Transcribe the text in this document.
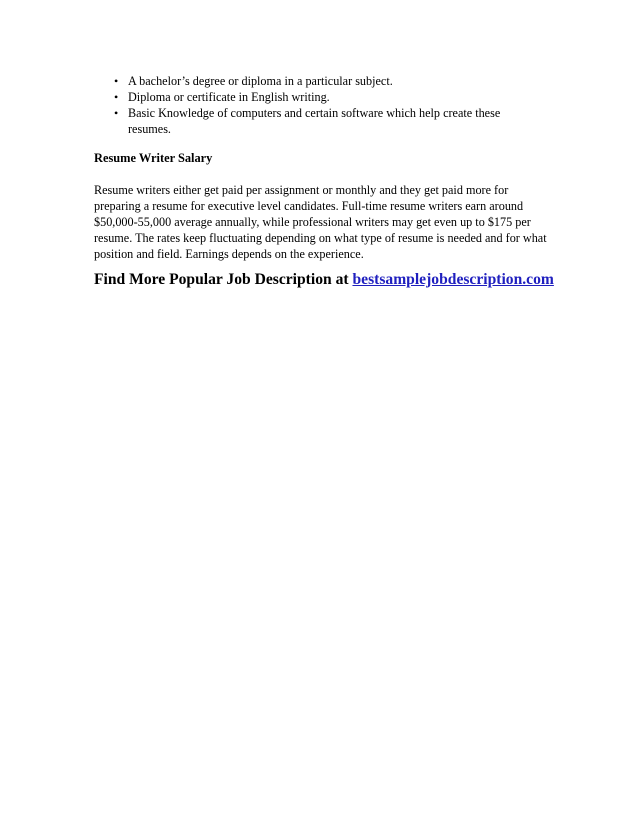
• A bachelor’s degree or diploma in a particular subject.
• Diploma or certificate in English writing.
• Basic Knowledge of computers and certain software which help create these resumes.

Resume Writer Salary

Resume writers either get paid per assignment or monthly and they get paid more for preparing a resume for executive level candidates. Full-time resume writers earn around $50,000-55,000 average annually, while professional writers may get even up to $175 per resume. The rates keep fluctuating depending on what type of resume is needed and for what position and field. Earnings depends on the experience.

Find More Popular Job Description at bestsamplejobdescription.com
